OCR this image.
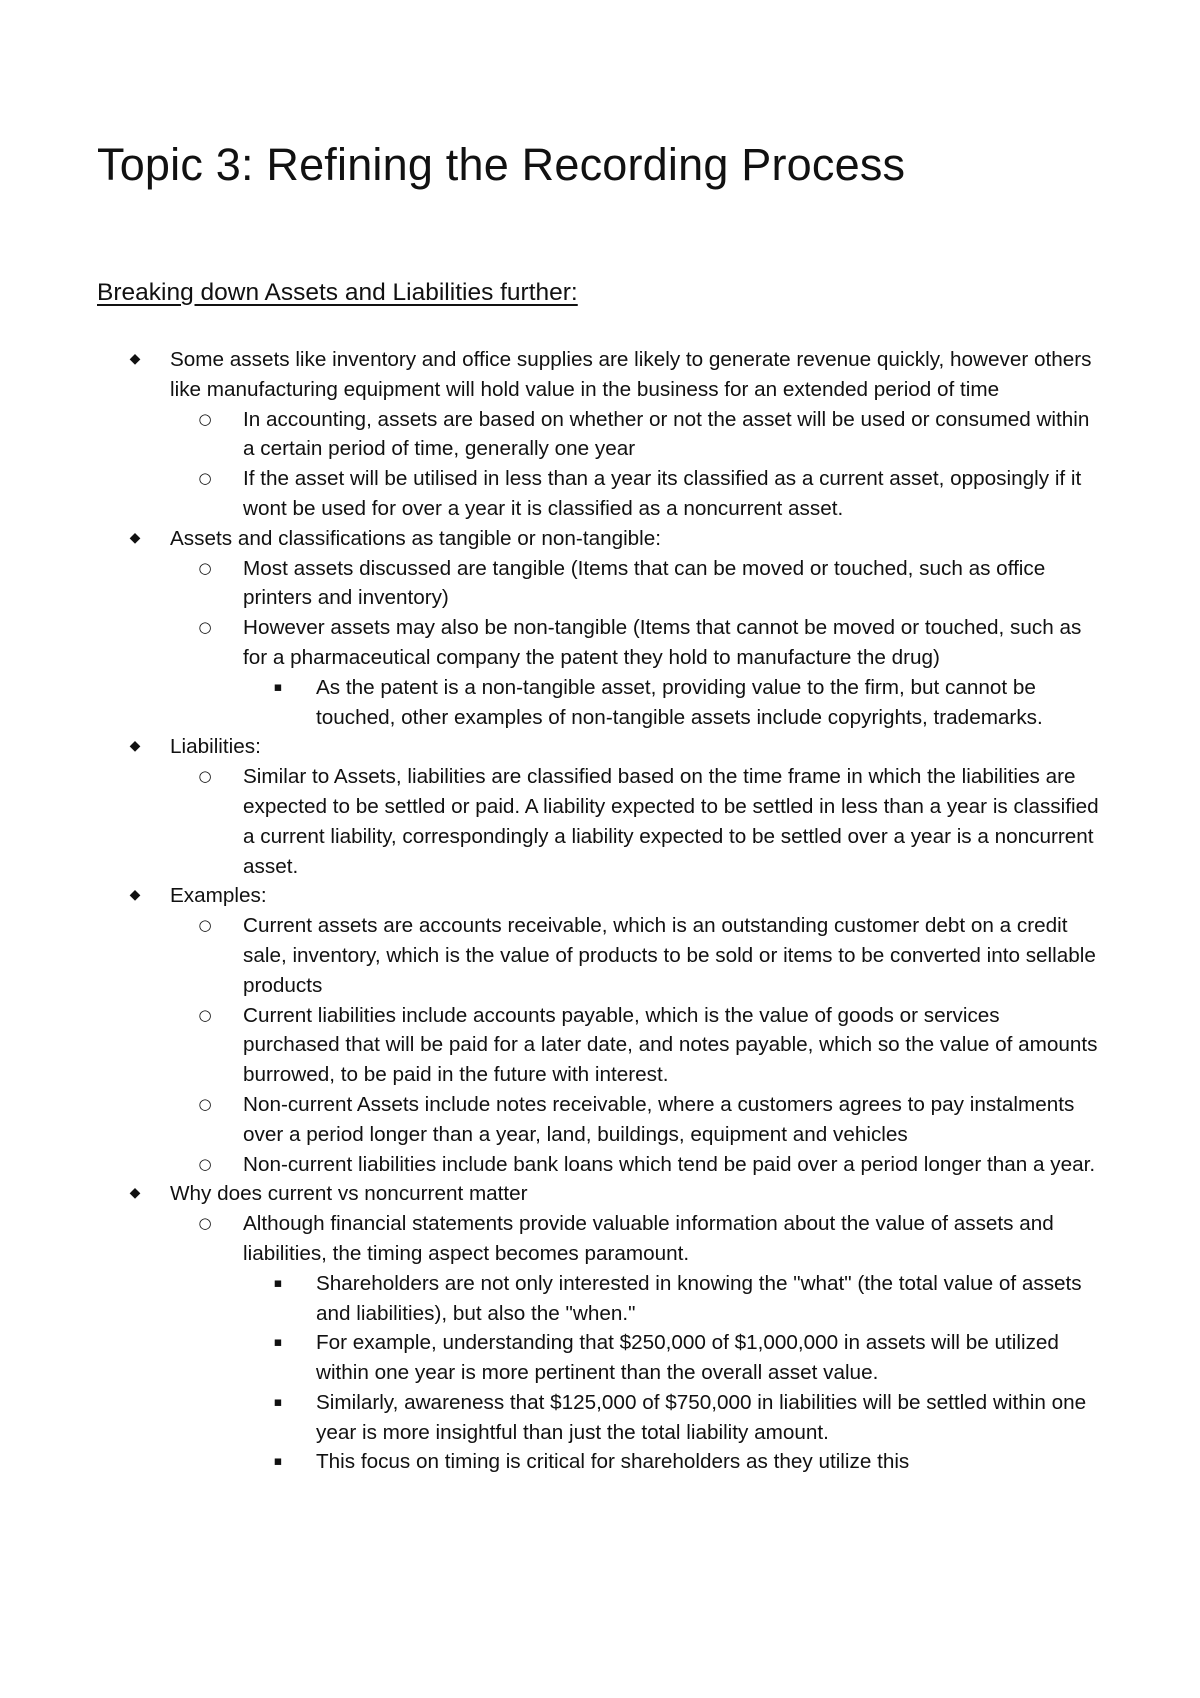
Topic 3: Refining the Recording Process
Breaking down Assets and Liabilities further:
◆ Some assets like inventory and office supplies are likely to generate revenue quickly, however others like manufacturing equipment will hold value in the business for an extended period of time
○ In accounting, assets are based on whether or not the asset will be used or consumed within a certain period of time, generally one year
○ If the asset will be utilised in less than a year its classified as a current asset, opposingly if it wont be used for over a year it is classified as a noncurrent asset.
◆ Assets and classifications as tangible or non-tangible:
○ Most assets discussed are tangible (Items that can be moved or touched, such as office printers and inventory)
○ However assets may also be non-tangible (Items that cannot be moved or touched, such as for a pharmaceutical company the patent they hold to manufacture the drug)
▪ As the patent is a non-tangible asset, providing value to the firm, but cannot be touched, other examples of non-tangible assets include copyrights, trademarks.
◆ Liabilities:
○ Similar to Assets, liabilities are classified based on the time frame in which the liabilities are expected to be settled or paid. A liability expected to be settled in less than a year is classified a current liability, correspondingly a liability expected to be settled over a year is a noncurrent asset.
◆ Examples:
○ Current assets are accounts receivable, which is an outstanding customer debt on a credit sale, inventory, which is the value of products to be sold or items to be converted into sellable products
○ Current liabilities include accounts payable, which is the value of goods or services purchased that will be paid for a later date, and notes payable, which so the value of amounts burrowed, to be paid in the future with interest.
○ Non-current Assets include notes receivable, where a customers agrees to pay instalments over a period longer than a year, land, buildings, equipment and vehicles
○ Non-current liabilities include bank loans which tend be paid over a period longer than a year.
◆ Why does current vs noncurrent matter
○ Although financial statements provide valuable information about the value of assets and liabilities, the timing aspect becomes paramount.
▪ Shareholders are not only interested in knowing the "what" (the total value of assets and liabilities), but also the "when."
▪ For example, understanding that $250,000 of $1,000,000 in assets will be utilized within one year is more pertinent than the overall asset value.
▪ Similarly, awareness that $125,000 of $750,000 in liabilities will be settled within one year is more insightful than just the total liability amount.
▪ This focus on timing is critical for shareholders as they utilize this
